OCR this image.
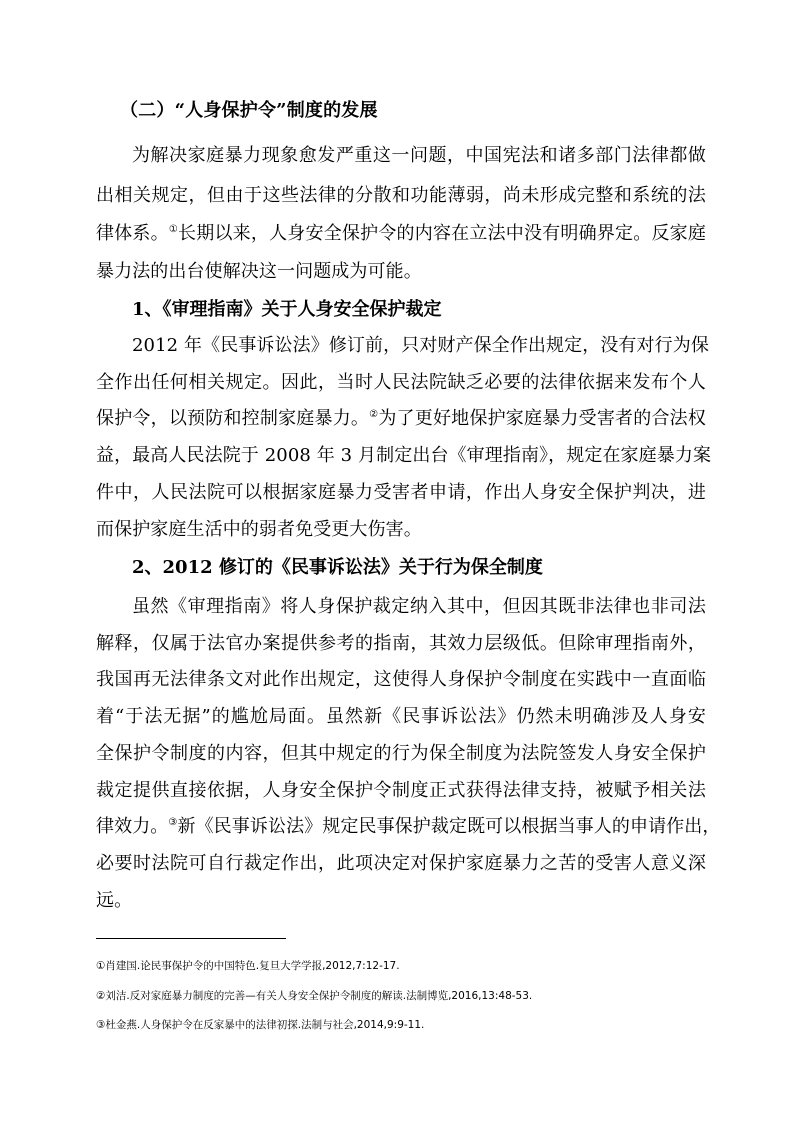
（二）“人身保护令”制度的发展
为解决家庭暴力现象愈发严重这一问题，中国宪法和诸多部门法律都做
出相关规定，但由于这些法律的分散和功能薄弱，尚未形成完整和系统的法
律体系。①长期以来，人身安全保护令的内容在立法中没有明确界定。反家庭
暴力法的出台使解决这一问题成为可能。
1、《审理指南》关于人身安全保护裁定
2012 年《民事诉讼法》修订前，只对财产保全作出规定，没有对行为保
全作出任何相关规定。因此，当时人民法院缺乏必要的法律依据来发布个人
保护令，以预防和控制家庭暴力。②为了更好地保护家庭暴力受害者的合法权
益，最高人民法院于 2008 年 3 月制定出台《审理指南》，规定在家庭暴力案
件中，人民法院可以根据家庭暴力受害者申请，作出人身安全保护判决，进
而保护家庭生活中的弱者免受更大伤害。
2、2012 修订的《民事诉讼法》关于行为保全制度
虽然《审理指南》将人身保护裁定纳入其中，但因其既非法律也非司法
解释，仅属于法官办案提供参考的指南，其效力层级低。但除审理指南外，
我国再无法律条文对此作出规定，这使得人身保护令制度在实践中一直面临
着“于法无据”的尴尬局面。虽然新《民事诉讼法》仍然未明确涉及人身安
全保护令制度的内容，但其中规定的行为保全制度为法院签发人身安全保护
裁定提供直接依据，人身安全保护令制度正式获得法律支持，被赋予相关法
律效力。③新《民事诉讼法》规定民事保护裁定既可以根据当事人的申请作出，
必要时法院可自行裁定作出，此项决定对保护家庭暴力之苦的受害人意义深
远。
①肖建国.论民事保护令的中国特色.复旦大学学报,2012,7:12-17.
②刘洁.反对家庭暴力制度的完善—有关人身安全保护令制度的解读.法制博览,2016,13:48-53.
③杜金燕.人身保护令在反家暴中的法律初探.法制与社会,2014,9:9-11.
